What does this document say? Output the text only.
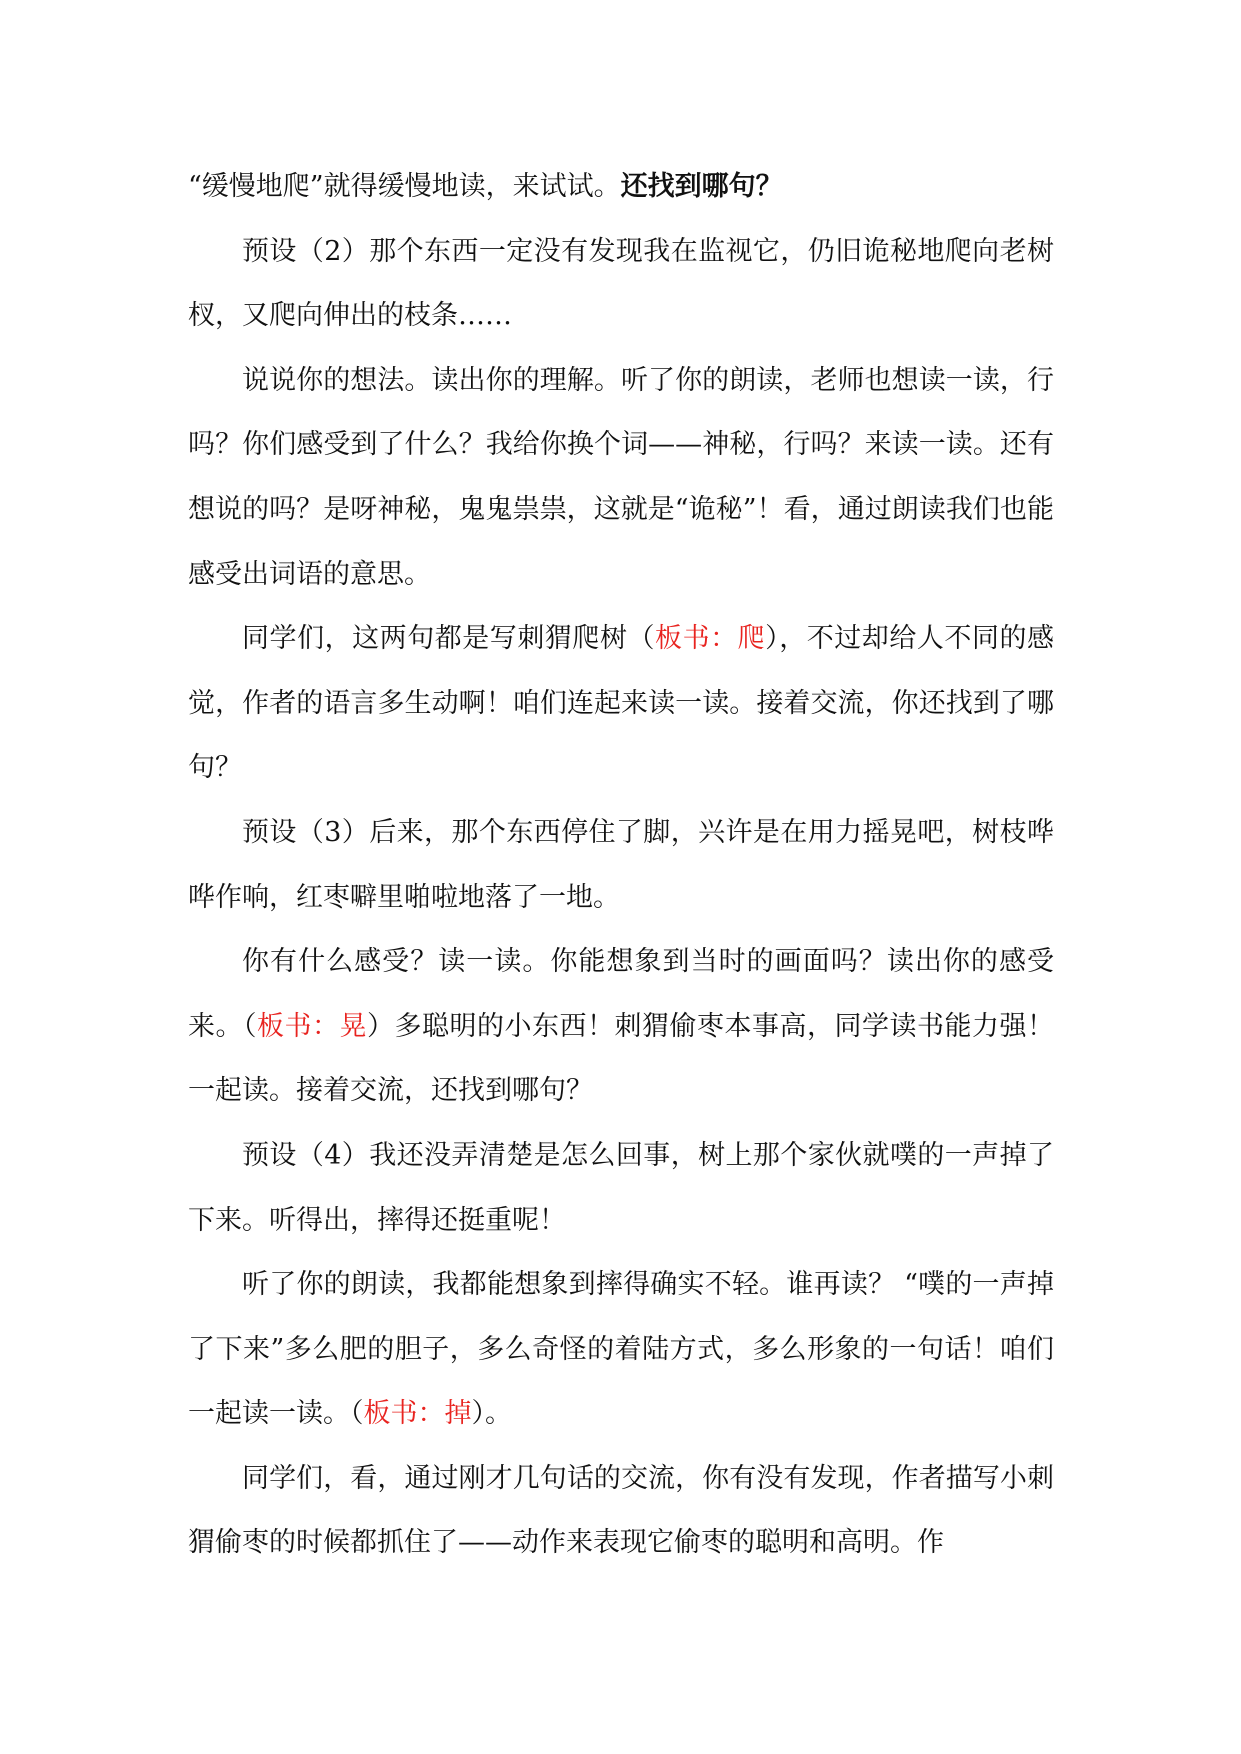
“缓慢地爬”就得缓慢地读，来试试。还找到哪句？

预设（2）那个东西一定没有发现我在监视它，仍旧诡秘地爬向老树杈，又爬向伸出的枝条……

说说你的想法。读出你的理解。听了你的朗读，老师也想读一读，行吗？你们感受到了什么？我给你换个词——神秘，行吗？来读一读。还有想说的吗？是呀神秘，鬼鬼祟祟，这就是“诡秘”！看，通过朗读我们也能感受出词语的意思。

同学们，这两句都是写刺猬爬树（板书：爬），不过却给人不同的感觉，作者的语言多生动啊！咱们连起来读一读。接着交流，你还找到了哪句？

预设（3）后来，那个东西停住了脚，兴许是在用力摇晃吧，树枝哗哗作响，红枣噼里啪啦地落了一地。

你有什么感受？读一读。你能想象到当时的画面吗？读出你的感受来。（板书：晃）多聪明的小东西！刺猬偷枣本事高，同学读书能力强！一起读。接着交流，还找到哪句？

预设（4）我还没弄清楚是怎么回事，树上那个家伙就噗的一声掉了下来。听得出，摔得还挺重呢！

听了你的朗读，我都能想象到摔得确实不轻。谁再读？ “噗的一声掉了下来”多么肥的胆子，多么奇怪的着陆方式，多么形象的一句话！咱们一起读一读。（板书：掉）。

同学们，看，通过刚才几句话的交流，你有没有发现，作者描写小刺猬偷枣的时候都抓住了——动作来表现它偷枣的聪明和高明。作
